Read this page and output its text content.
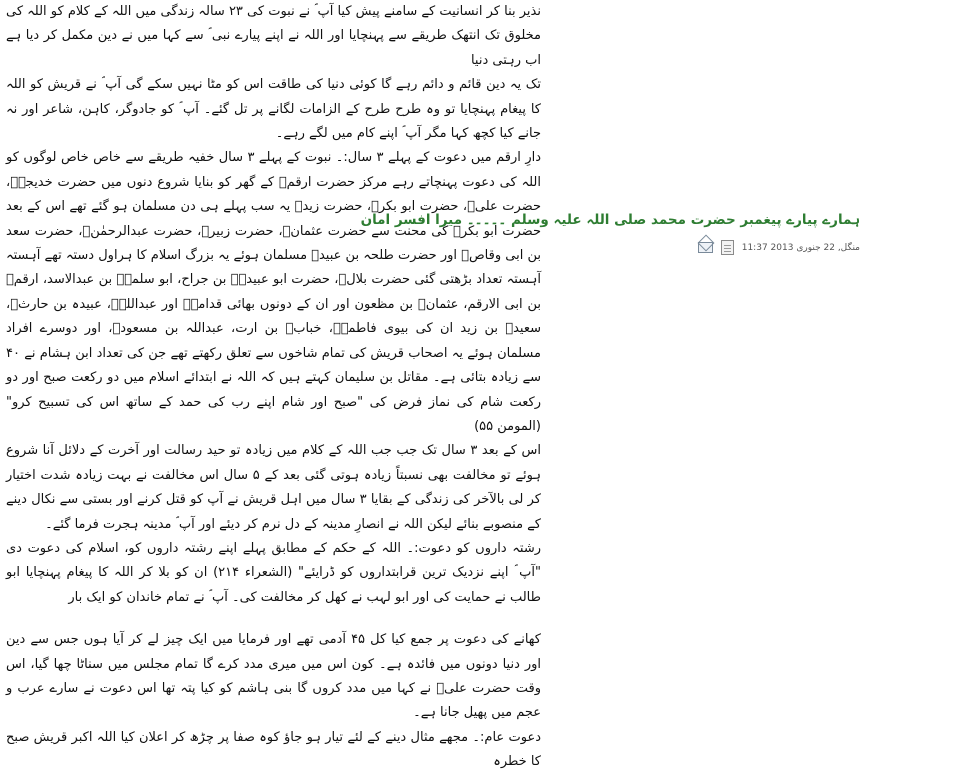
نذیر بنا کر انسانیت کے سامنے پیش کیا آپ ؐ نے نبوت کی ۲۳ سالہ زندگی میں اللہ کے کلام کو اللہ کی مخلوق تک انتھک طریقے سے پہنچایا اور اللہ نے اپنے پیارے نبی ؐ سے کہا میں نے دین مکمل کر دیا ہے اب رہتی دنیا

تک یہ دین قائم و دائم رہے گا کوئی دنیا کی طاقت اس کو مٹا نہیں سکے گی آپ ؐ نے قریش کو اللہ کا پیغام پہنچایا تو وہ طرح طرح کے الزامات لگانے پر تل گئے۔ آپ ؐ کو جادوگر، کاہن، شاعر اور نہ جانے کیا کچھ کہا مگر آپ ؐ اپنے کام میں لگے رہے۔

دارِ ارقم میں دعوت کے پہلے ۳ سال:۔ نبوت کے پہلے ۳ سال خفیہ طریقے سے خاص خاص لوگوں کو اللہ کی دعوت پہنچاتے رہے مرکز حضرت ارقمؓ کے گھر کو بنایا شروع دنوں میں حضرت خدیجہؓ، حضرت علیؓ، حضرت ابو بکرؓ، حضرت زیدؓ یہ سب پہلے ہی دن مسلمان ہو گئے تھے اس کے بعد حضرت ابو بکرؓ کی محنت سے حضرت عثمانؓ، حضرت زبیرؓ، حضرت عبدالرحمٰنؓ، حضرت سعد بن ابی وقاصؓ اور حضرت طلحہ بن عبیدؓ مسلمان ہوئے یہ بزرگ اسلام کا ہراول دستہ تھے آہستہ آہستہ تعداد بڑھتی گئی حضرت بلالؓ، حضرت ابو عبیدہؓ بن جراح، ابو سلمہؓ بن عبدالاسد، ارقمؓ بن ابی الارقم، عثمانؓ بن مظعون اور ان کے دونوں بھائی قدامہؓ اور عبداللہؓ، عبیدہ بن حارثؓ، سعیدؓ بن زید ان کی بیوی فاطمہؓ، خبابؓ بن ارت، عبداللہ بن مسعودؓ، اور دوسرے افراد مسلمان ہوئے یہ اصحاب قریش کی تمام شاخوں سے تعلق رکھتے تھے جن کی تعداد ابن ہشام نے ۴۰ سے زیادہ بتائی ہے۔ مقاتل بن سلیمان کہتے ہیں کہ اللہ نے ابتدائے اسلام میں دو رکعت صبح اور دو رکعت شام کی نماز فرض کی "صبح اور شام اپنے رب کی حمد کے ساتھ اس کی تسبیح کرو" (المومن ۵۵)

اس کے بعد ۳ سال تک جب جب اللہ کے کلام میں زیادہ تو حید رسالت اور آخرت کے دلائل آنا شروع ہوئے تو مخالفت بھی نسبتاً زیادہ ہوتی گئی بعد کے ۵ سال اس مخالفت نے بہت زیادہ شدت اختیار کر لی بالآخر کی زندگی کے بقایا ۳ سال میں اہل قریش نے آپ کو قتل کرنے اور بستی سے نکال دینے کے منصوبے بنائے لیکن اللہ نے انصارِ مدینہ کے دل نرم کر دیئے اور آپ ؐ مدینہ ہجرت فرما گئے۔

رشتہ داروں کو دعوت:۔ اللہ کے حکم کے مطابق پہلے اپنے رشتہ داروں کو، اسلام کی دعوت دی "آپ ؐ اپنے نزدیک ترین قرابتداروں کو ڈرایئے" (الشعراء ۲۱۴) ان کو بلا کر اللہ کا پیغام پہنچایا ابو طالب نے حمایت کی اور ابو لہب نے کھل کر مخالفت کی۔ آپ ؐ نے تمام خاندان کو ایک بار

کھانے کی دعوت پر جمع کیا کل ۴۵ آدمی تھے اور فرمایا میں ایک چیز لے کر آیا ہوں جس سے دین اور دنیا دونوں میں فائدہ ہے۔ کون اس میں میری مدد کرے گا تمام مجلس میں سناٹا چھا گیا، اس وقت حضرت علیؓ نے کہا میں مدد کروں گا بنی ہاشم کو کیا پتہ تھا اس دعوت نے سارے عرب و عجم میں پھیل جانا ہے۔

دعوت عام:۔ مجھے مثال دینے کے لئے تیار ہو جاؤ کوہ صفا پر چڑھ کر اعلان کیا اللہ اکبر قریش صبح کا خطرہ

ہمارے پیارے پیغمبر حضرت محمد صلی اللہ علیہ وسلم ۔۔۔۔۔ میرا افسر امان
منگل, 22 جنوری 2013 11:37
